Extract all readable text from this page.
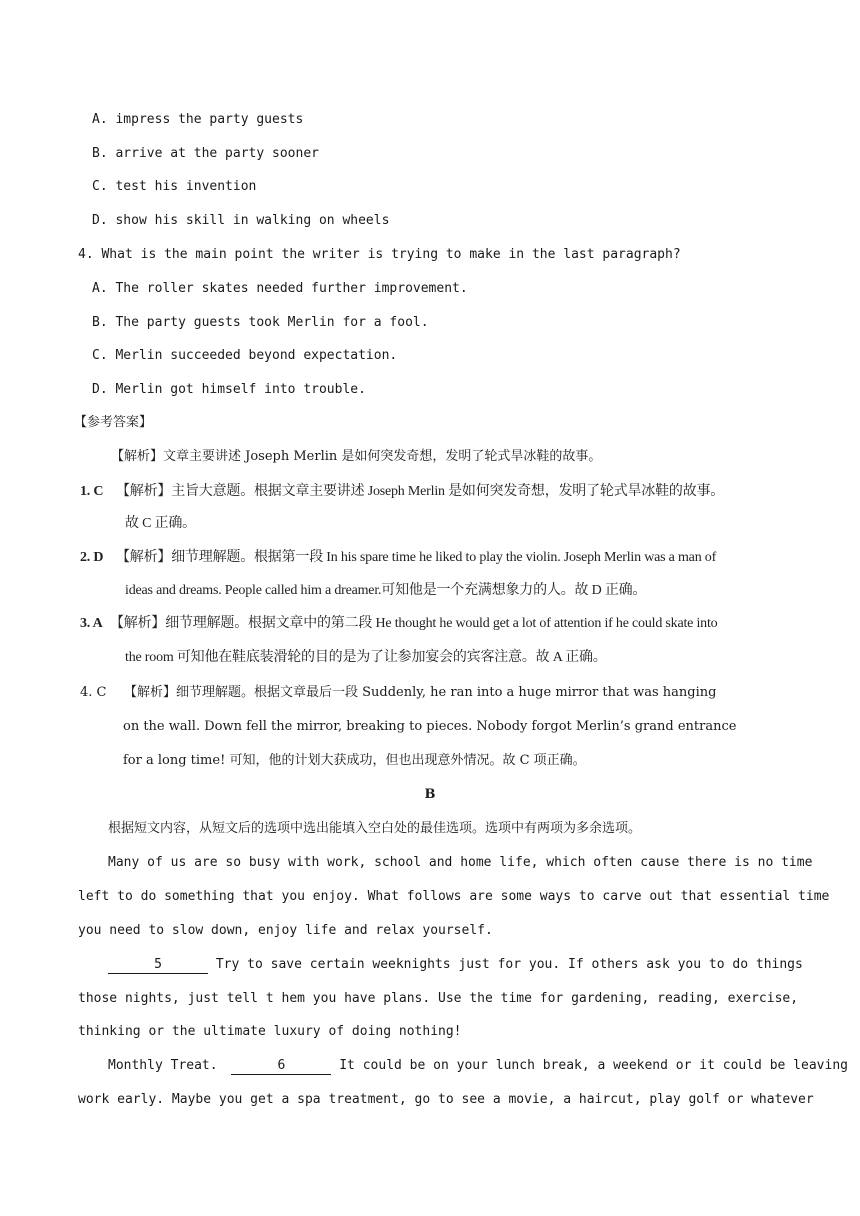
A. impress the party guests
B. arrive at the party sooner
C. test his invention
D. show his skill in walking on wheels
4. What is the main point the writer is trying to make in the last paragraph?
A. The roller skates needed further improvement.
B. The party guests took Merlin for a fool.
C. Merlin succeeded beyond expectation.
D. Merlin got himself into trouble.
【参考答案】
【解析】文章主要讲述 Joseph Merlin 是如何突发奇想，发明了轮式旱冰鞋的故事。
1. C 【解析】主旨大意题。根据文章主要讲述 Joseph Merlin 是如何突发奇想，发明了轮式旱冰鞋的故事。
故 C 正确。
2. D 【解析】细节理解题。根据第一段 In his spare time he liked to play the violin. Joseph Merlin was a man of
ideas and dreams. People called him a dreamer.可知他是一个充满想象力的人。故 D 正确。
3. A 【解析】细节理解题。根据文章中的第二段 He thought he would get a lot of attention if he could skate into
the room 可知他在鞋底装滑轮的目的是为了让参加宴会的宾客注意。故 A 正确。
4. C 【解析】细节理解题。根据文章最后一段 Suddenly, he ran into a huge mirror that was hanging
on the wall. Down fell the mirror, breaking to pieces. Nobody forgot Merlin’s grand entrance
for a long time! 可知，他的计划大获成功，但也出现意外情况。故 C 项正确。
B
根据短文内容，从短文后的选项中选出能填入空白处的最佳选项。选项中有两项为多余选项。
Many of us are so busy with work, school and home life, which often cause there is no time
left to do something that you enjoy. What follows are some ways to carve out that essential time
you need to slow down, enjoy life and relax yourself.
5	Try to save certain weeknights just for you. If others ask you to do things
those nights, just tell t hem you have plans. Use the time for gardening, reading, exercise,
thinking or the ultimate luxury of doing nothing!
Monthly Treat.	6	It could be on your lunch break, a weekend or it could be leaving
work early. Maybe you get a spa treatment, go to see a movie, a haircut, play golf or whatever
